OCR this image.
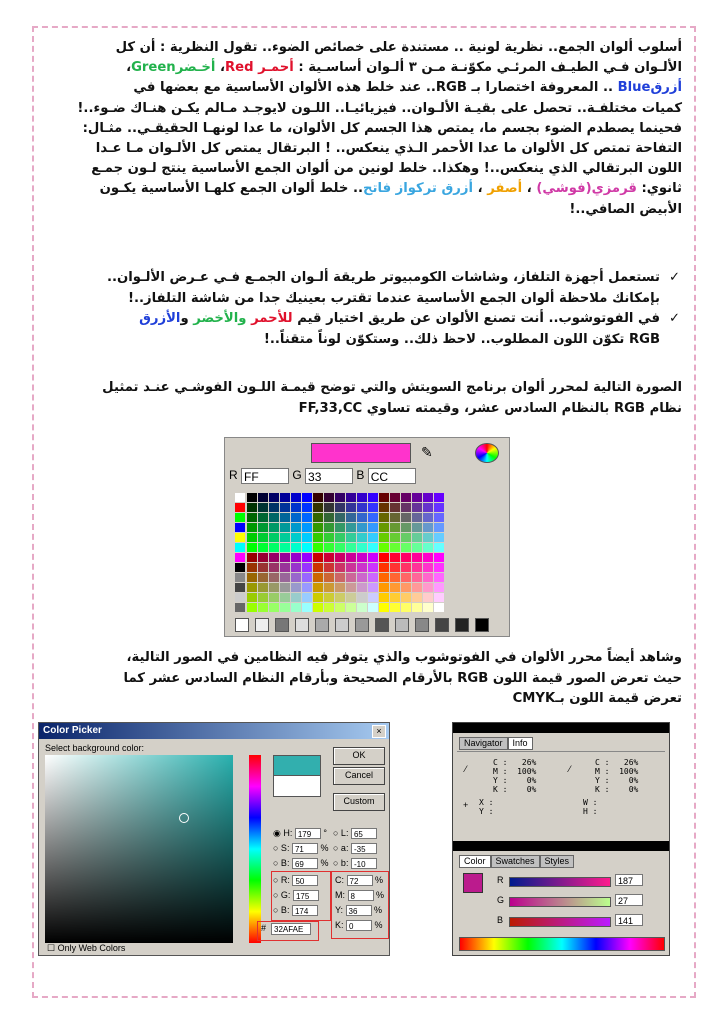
أسلوب ألوان الجمع.. نظرية لونية .. مستندة على خصائص الضوء.. تقول النظرية : أن كل
الألـوان فـي الطيـف المرئـي مكوّنـة مـن ٣ ألـوان أساسـية : أحمـر Red، أخـضرGreen،
أزرقBlue .. المعروفة اختصارا بـ RGB.. عند خلط هذه الألوان الأساسية مع بعضها في
كميات مختلفـة.. تحصل على بقيـة الألـوان.. فيزيائيـا.. اللـون لايوجـد مـالم يكـن هنـاك ضـوء..!
فحينما يصطدم الضوء بجسم ما، يمتص هذا الجسم كل الألوان، ما عدا لونهـا الحقيقـي.. مثـال:
التفاحة تمتص كل الألوان ما عدا الأحمر الـذي ينعكس.. ! البرتقال يمتص كل الألـوان مـا عـدا
اللون البرتقالي الذي ينعكس..! وهكذا.. خلط لونين من ألوان الجمع الأساسية ينتج لـون جمـع
ثانوي: قرمزي(فوشي) ، أصفر ، أزرق تركواز فاتح.. خلط ألوان الجمع كلهـا الأساسية يكـون
الأبيض الصافي..!
✓
تستعمل أجهزة التلفاز، وشاشات الكومبيوتر طريقة ألـوان الجمـع فـي عـرض الألـوان..
بإمكانك ملاحظة ألوان الجمع الأساسية عندما تقترب بعينيك جدا من شاشة التلفاز..!
✓
في الفوتوشوب.. أنت تصنع الألوان عن طريق اختيار قيم للأحمر والأخضر والأزرق
RGB تكوّن اللون المطلوب.. لاحظ ذلك.. وستكوّن لوناً متقناً..!
الصورة التالية لمحرر ألوان برنامج السويتش والتي توضح قيمـة اللـون الفوشـي عنـد تمثيل
نظام RGB بالنظام السادس عشر، وقيمته تساوي FF,33,CC
✎
R FF	G 33	B CC
وشاهد أيضاً محرر الألوان في الفوتوشوب والذي يتوفر فيه النظامين في الصور التالية،
حيث تعرض الصور قيمة اللون RGB بالأرقام الصحيحة وبأرقام النظام السادس عشر كما
تعرض قيمة اللون بـCMYK
Color Picker	×
Select background color:
OK
Cancel
Custom
◉ H: 179 °
○ S: 71 %
○ B: 69 %
○ L: 65
○ a: -35
○ b: -10
○ R: 50
○ G: 175
○ B: 174
C: 72 %
M: 8 %
Y: 36 %
K: 0 %
# 32AFAE
☐ Only Web Colors
Navigator Info
C :   26%
M :  100%
Y :    0%
K :    0%
C :   26%
M :  100%
Y :    0%
K :    0%
⁄	⁄
+ X :
Y :
W :
H :
Color Swatches Styles
R	187
G	27
B	141
